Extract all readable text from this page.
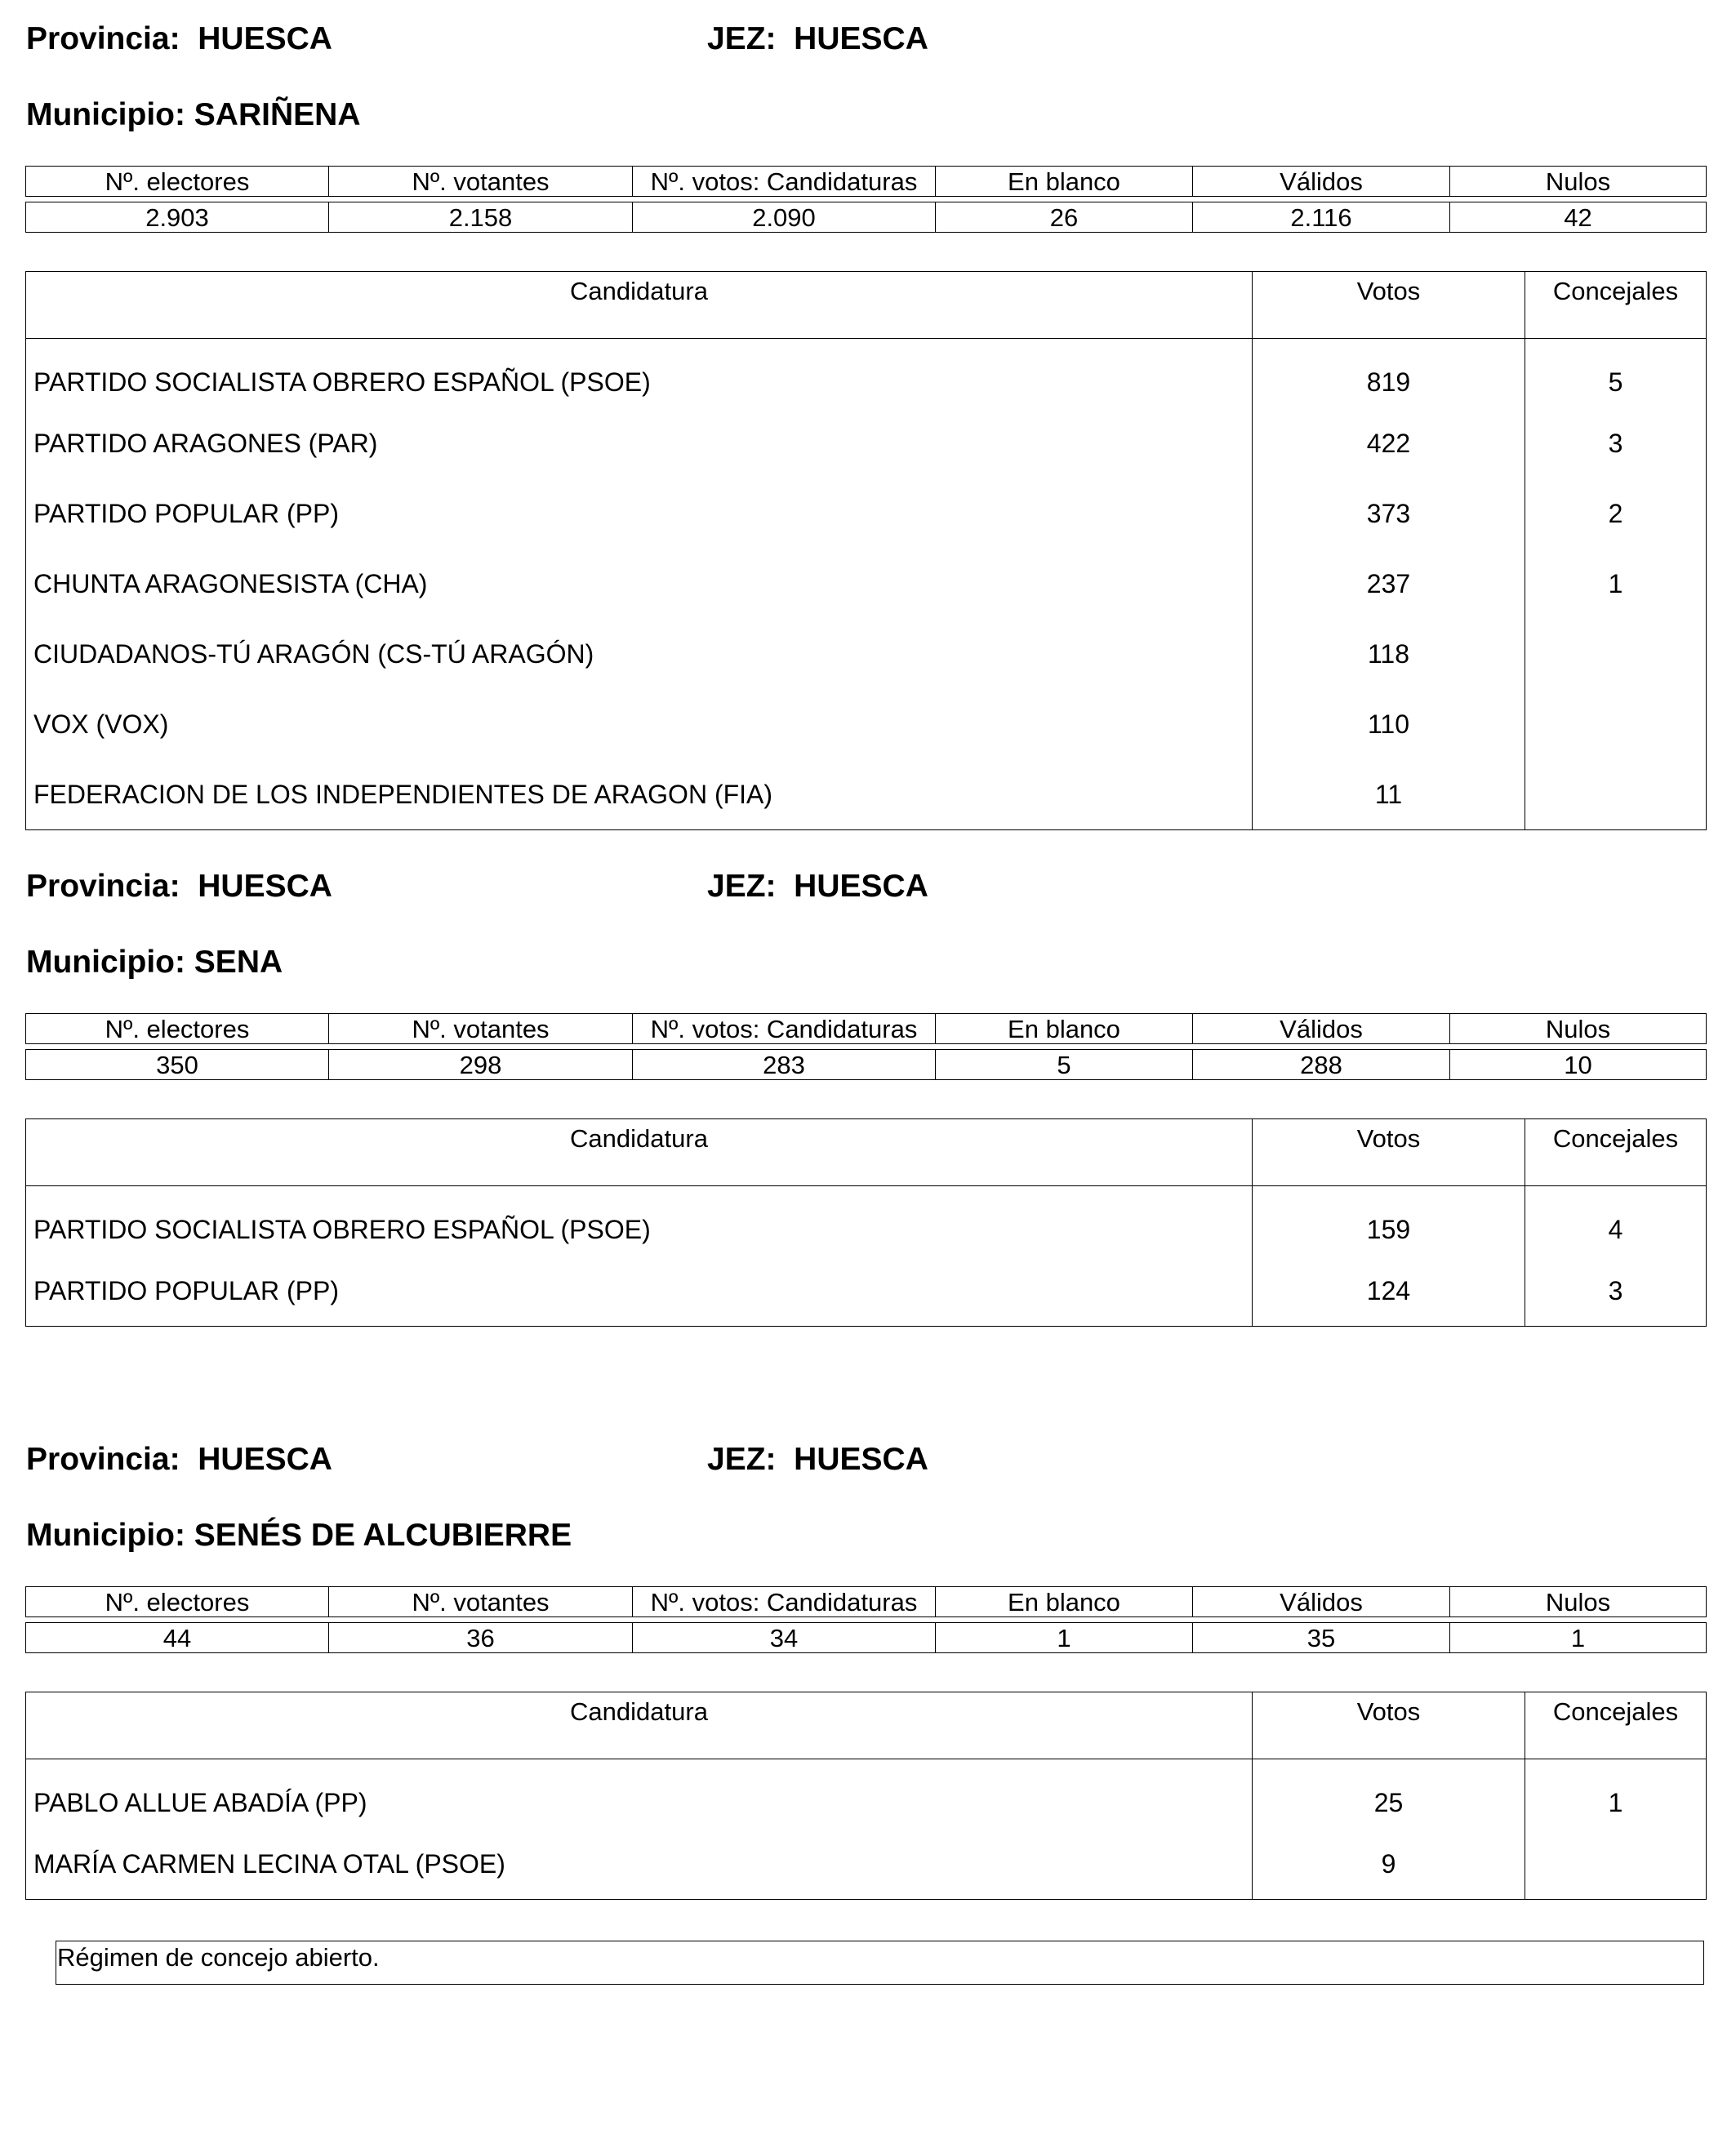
Provincia:  HUESCA	JEZ:  HUESCA
Municipio: SARIÑENA
Nº. electores	Nº. votantes	Nº. votos: Candidaturas	En blanco	Válidos	Nulos

2.903	2.158	2.090	26	2.116	42
Candidatura	Votos	Concejales
PARTIDO SOCIALISTA OBRERO ESPAÑOL (PSOE)	819	5
PARTIDO ARAGONES (PAR)	422	3
PARTIDO POPULAR (PP)	373	2
CHUNTA ARAGONESISTA (CHA)	237	1
CIUDADANOS-TÚ ARAGÓN (CS-TÚ ARAGÓN)	118	
VOX (VOX)	110	
FEDERACION DE LOS INDEPENDIENTES DE ARAGON (FIA)	11	
Provincia:  HUESCA	JEZ:  HUESCA
Municipio: SENA
Nº. electores	Nº. votantes	Nº. votos: Candidaturas	En blanco	Válidos	Nulos

350	298	283	5	288	10
Candidatura	Votos	Concejales
PARTIDO SOCIALISTA OBRERO ESPAÑOL (PSOE)	159	4
PARTIDO POPULAR (PP)	124	3
Provincia:  HUESCA	JEZ:  HUESCA
Municipio: SENÉS DE ALCUBIERRE
Nº. electores	Nº. votantes	Nº. votos: Candidaturas	En blanco	Válidos	Nulos

44	36	34	1	35	1
Candidatura	Votos	Concejales
PABLO ALLUE ABADÍA (PP)	25	1
MARÍA CARMEN LECINA OTAL (PSOE)	9	
Régimen de concejo abierto.
